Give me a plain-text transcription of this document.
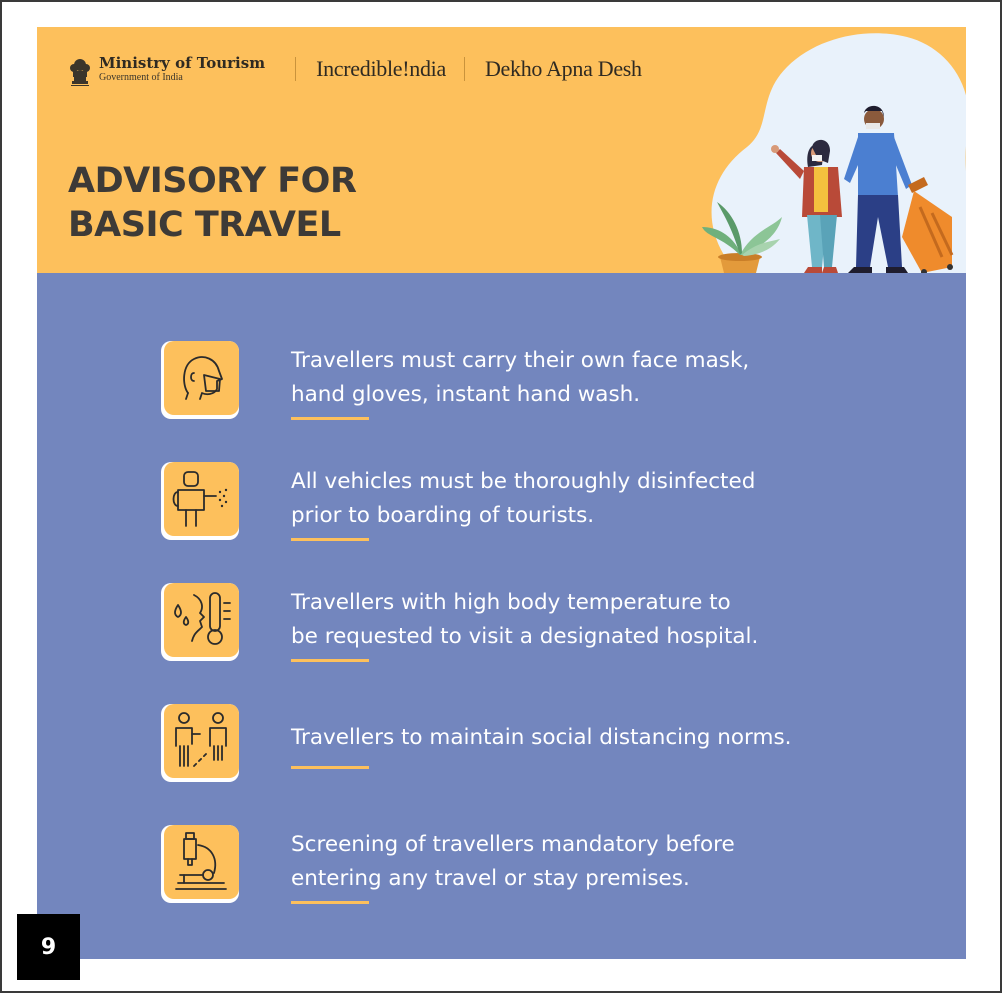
Ministry of Tourism
Government of India	Incredible!ndia Dekho Apna Desh
ADVISORY FOR
BASIC TRAVEL
Travellers must carry their own face mask,
hand gloves, instant hand wash.
All vehicles must be thoroughly disinfected
prior to boarding of tourists.
Travellers with high body temperature to
be requested to visit a designated hospital.
Travellers to maintain social distancing norms.
Screening of travellers mandatory before
entering any travel or stay premises.
9
